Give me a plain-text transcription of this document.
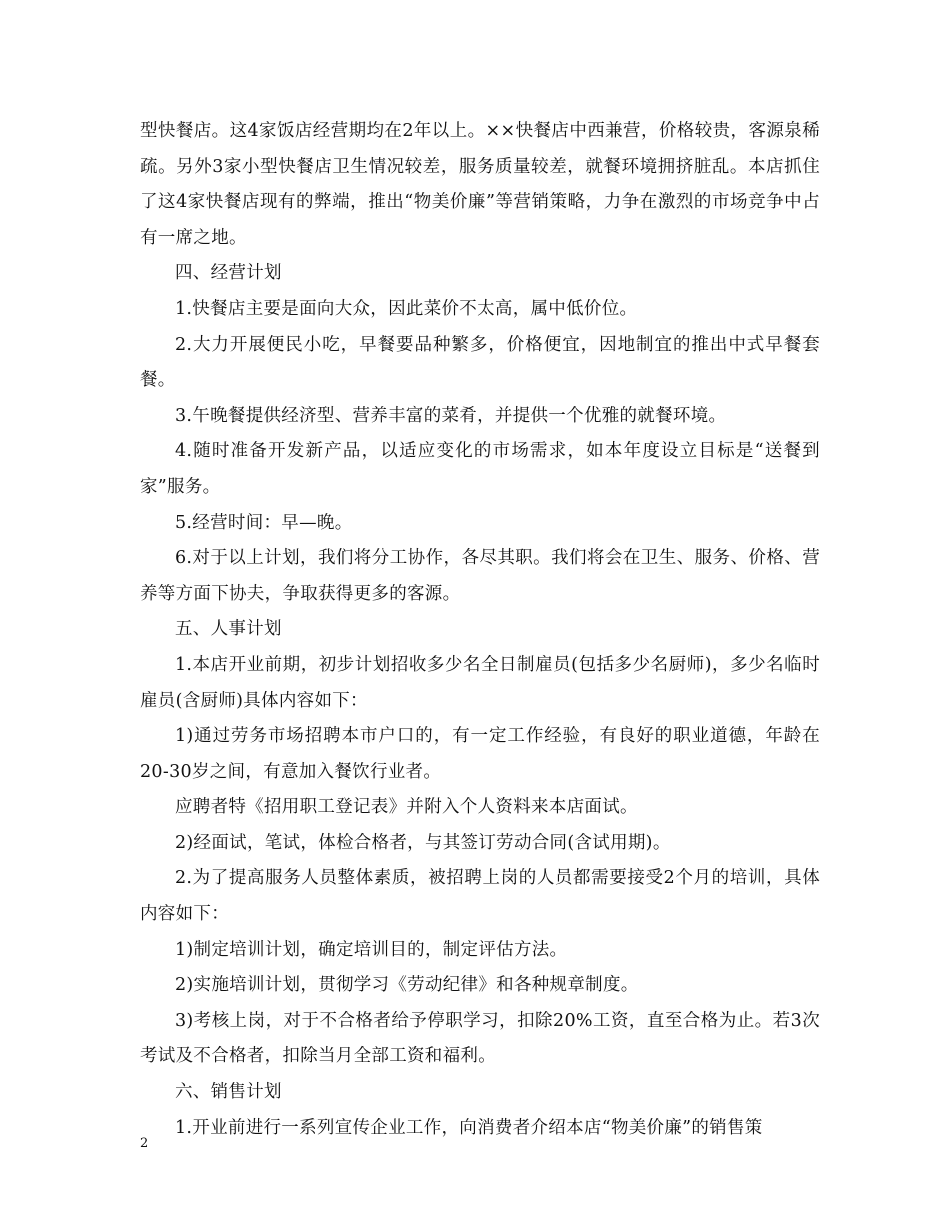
型快餐店。这4家饭店经营期均在2年以上。××快餐店中西兼营，价格较贵，客源泉稀疏。另外3家小型快餐店卫生情况较差，服务质量较差，就餐环境拥挤脏乱。本店抓住了这4家快餐店现有的弊端，推出“物美价廉”等营销策略，力争在激烈的市场竞争中占有一席之地。

四、经营计划

1.快餐店主要是面向大众，因此菜价不太高，属中低价位。

2.大力开展便民小吃，早餐要品种繁多，价格便宜，因地制宜的推出中式早餐套餐。

3.午晚餐提供经济型、营养丰富的菜肴，并提供一个优雅的就餐环境。

4.随时准备开发新产品，以适应变化的市场需求，如本年度设立目标是“送餐到家”服务。

5.经营时间：早—晚。

6.对于以上计划，我们将分工协作，各尽其职。我们将会在卫生、服务、价格、营养等方面下协夫，争取获得更多的客源。

五、人事计划

1.本店开业前期，初步计划招收多少名全日制雇员(包括多少名厨师)，多少名临时雇员(含厨师)具体内容如下：

1)通过劳务市场招聘本市户口的，有一定工作经验，有良好的职业道德，年龄在20-30岁之间，有意加入餐饮行业者。

应聘者特《招用职工登记表》并附入个人资料来本店面试。

2)经面试，笔试，体检合格者，与其签订劳动合同(含试用期)。

2.为了提高服务人员整体素质，被招聘上岗的人员都需要接受2个月的培训，具体内容如下：

1)制定培训计划，确定培训目的，制定评估方法。

2)实施培训计划，贯彻学习《劳动纪律》和各种规章制度。

3)考核上岗，对于不合格者给予停职学习，扣除20%工资，直至合格为止。若3次考试及不合格者，扣除当月全部工资和福利。

六、销售计划

1.开业前进行一系列宣传企业工作，向消费者介绍本店“物美价廉”的销售策

2
